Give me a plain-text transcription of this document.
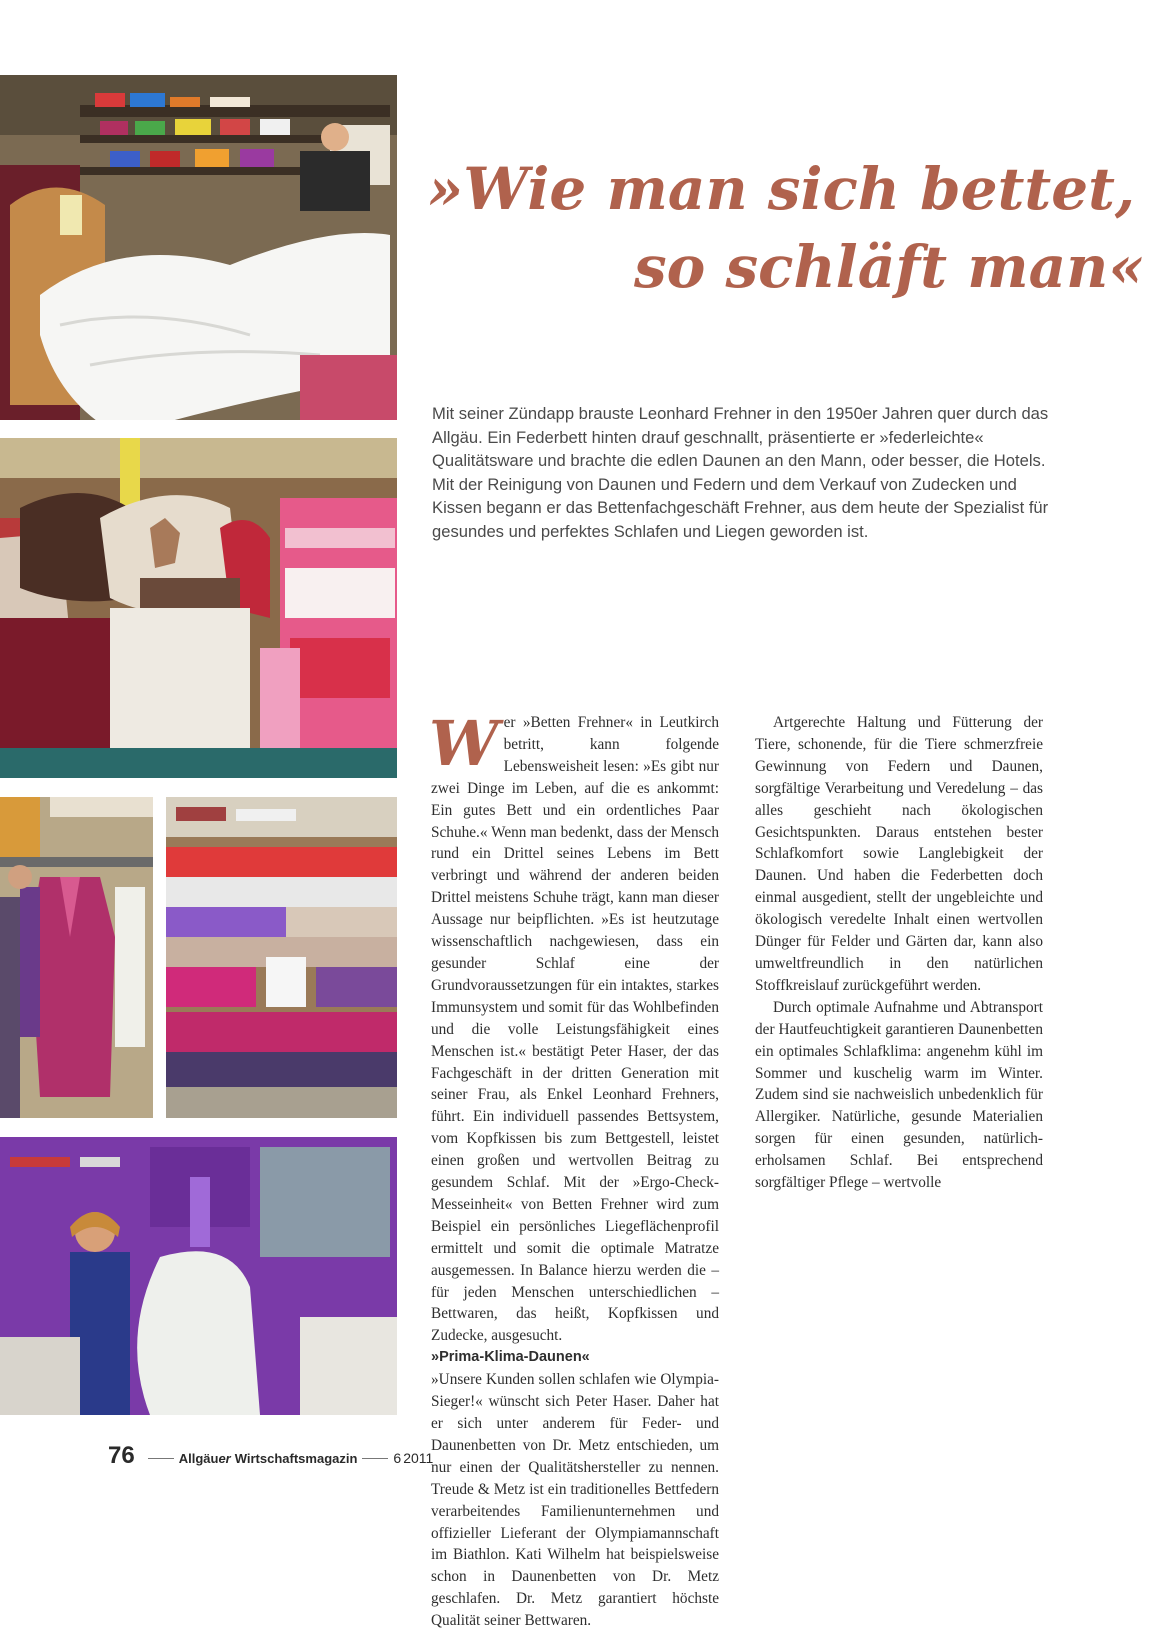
»Wie man sich bettet,
so schläft man«

Mit seiner Zündapp brauste Leonhard Frehner in den 1950er Jahren quer durch das Allgäu. Ein Federbett hinten drauf geschnallt, präsentierte er »federleichte« Qualitätsware und brachte die edlen Daunen an den Mann, oder besser, die Hotels. Mit der Reinigung von Daunen und Federn und dem Verkauf von Zudecken und Kissen begann er das Bettenfachgeschäft Frehner, aus dem heute der Spezialist für gesundes und perfektes Schlafen und Liegen geworden ist.

W er »Betten Frehner« in Leutkirch betritt, kann folgende Lebensweisheit lesen: »Es gibt nur zwei Dinge im Leben, auf die es ankommt: Ein gutes Bett und ein ordentliches Paar Schuhe.« Wenn man bedenkt, dass der Mensch rund ein Drittel seines Lebens im Bett verbringt und während der anderen beiden Drittel meistens Schuhe trägt, kann man dieser Aussage nur beipflichten. »Es ist heutzutage wissenschaftlich nachgewiesen, dass ein gesunder Schlaf eine der Grundvoraussetzungen für ein intaktes, starkes Immunsystem und somit für das Wohlbefinden und die volle Leistungsfähigkeit eines Menschen ist.« bestätigt Peter Haser, der das Fachgeschäft in der dritten Generation mit seiner Frau, als Enkel Leonhard Frehners, führt. Ein individuell passendes Bettsystem, vom Kopfkissen bis zum Bettgestell, leistet einen großen und wertvollen Beitrag zu gesundem Schlaf. Mit der »Ergo-Check-Messeinheit« von Betten Frehner wird zum Beispiel ein persönliches Liegeflächenprofil ermittelt und somit die optimale Matratze ausgemessen. In Balance hierzu werden die – für jeden Menschen unterschiedlichen – Bettwaren, das heißt, Kopfkissen und Zudecke, ausgesucht.

»Prima-Klima-Daunen«

»Unsere Kunden sollen schlafen wie Olympia-Sieger!« wünscht sich Peter Haser. Daher hat er sich unter anderem für Feder- und Daunenbetten von Dr. Metz entschieden, um nur einen der Qualitätshersteller zu nennen. Treude & Metz ist ein traditionelles Bettfedern verarbeitendes Familienunternehmen und offizieller Lieferant der Olympiamannschaft im Biathlon. Kati Wilhelm hat beispielsweise schon in Daunenbetten von Dr. Metz geschlafen. Dr. Metz garantiert höchste Qualität seiner Bettwaren.

Artgerechte Haltung und Fütterung der Tiere, schonende, für die Tiere schmerzfreie Gewinnung von Federn und Daunen, sorgfältige Verarbeitung und Veredelung – das alles geschieht nach ökologischen Gesichtspunkten. Daraus entstehen bester Schlafkomfort sowie Langlebigkeit der Daunen. Und haben die Federbetten doch einmal ausgedient, stellt der ungebleichte und ökologisch veredelte Inhalt einen wertvollen Dünger für Felder und Gärten dar, kann also umweltfreundlich in den natürlichen Stoffkreislauf zurückgeführt werden.

Durch optimale Aufnahme und Abtransport der Hautfeuchtigkeit garantieren Daunenbetten ein optimales Schlafklima: angenehm kühl im Sommer und kuschelig warm im Winter. Zudem sind sie nachweislich unbedenklich für Allergiker. Natürliche, gesunde Materialien sorgen für einen gesunden, natürlich-erholsamen Schlaf. Bei entsprechend sorgfältiger Pflege – wertvolle

76	Allgäu er Wirtschaftsmagazin	6 2011
